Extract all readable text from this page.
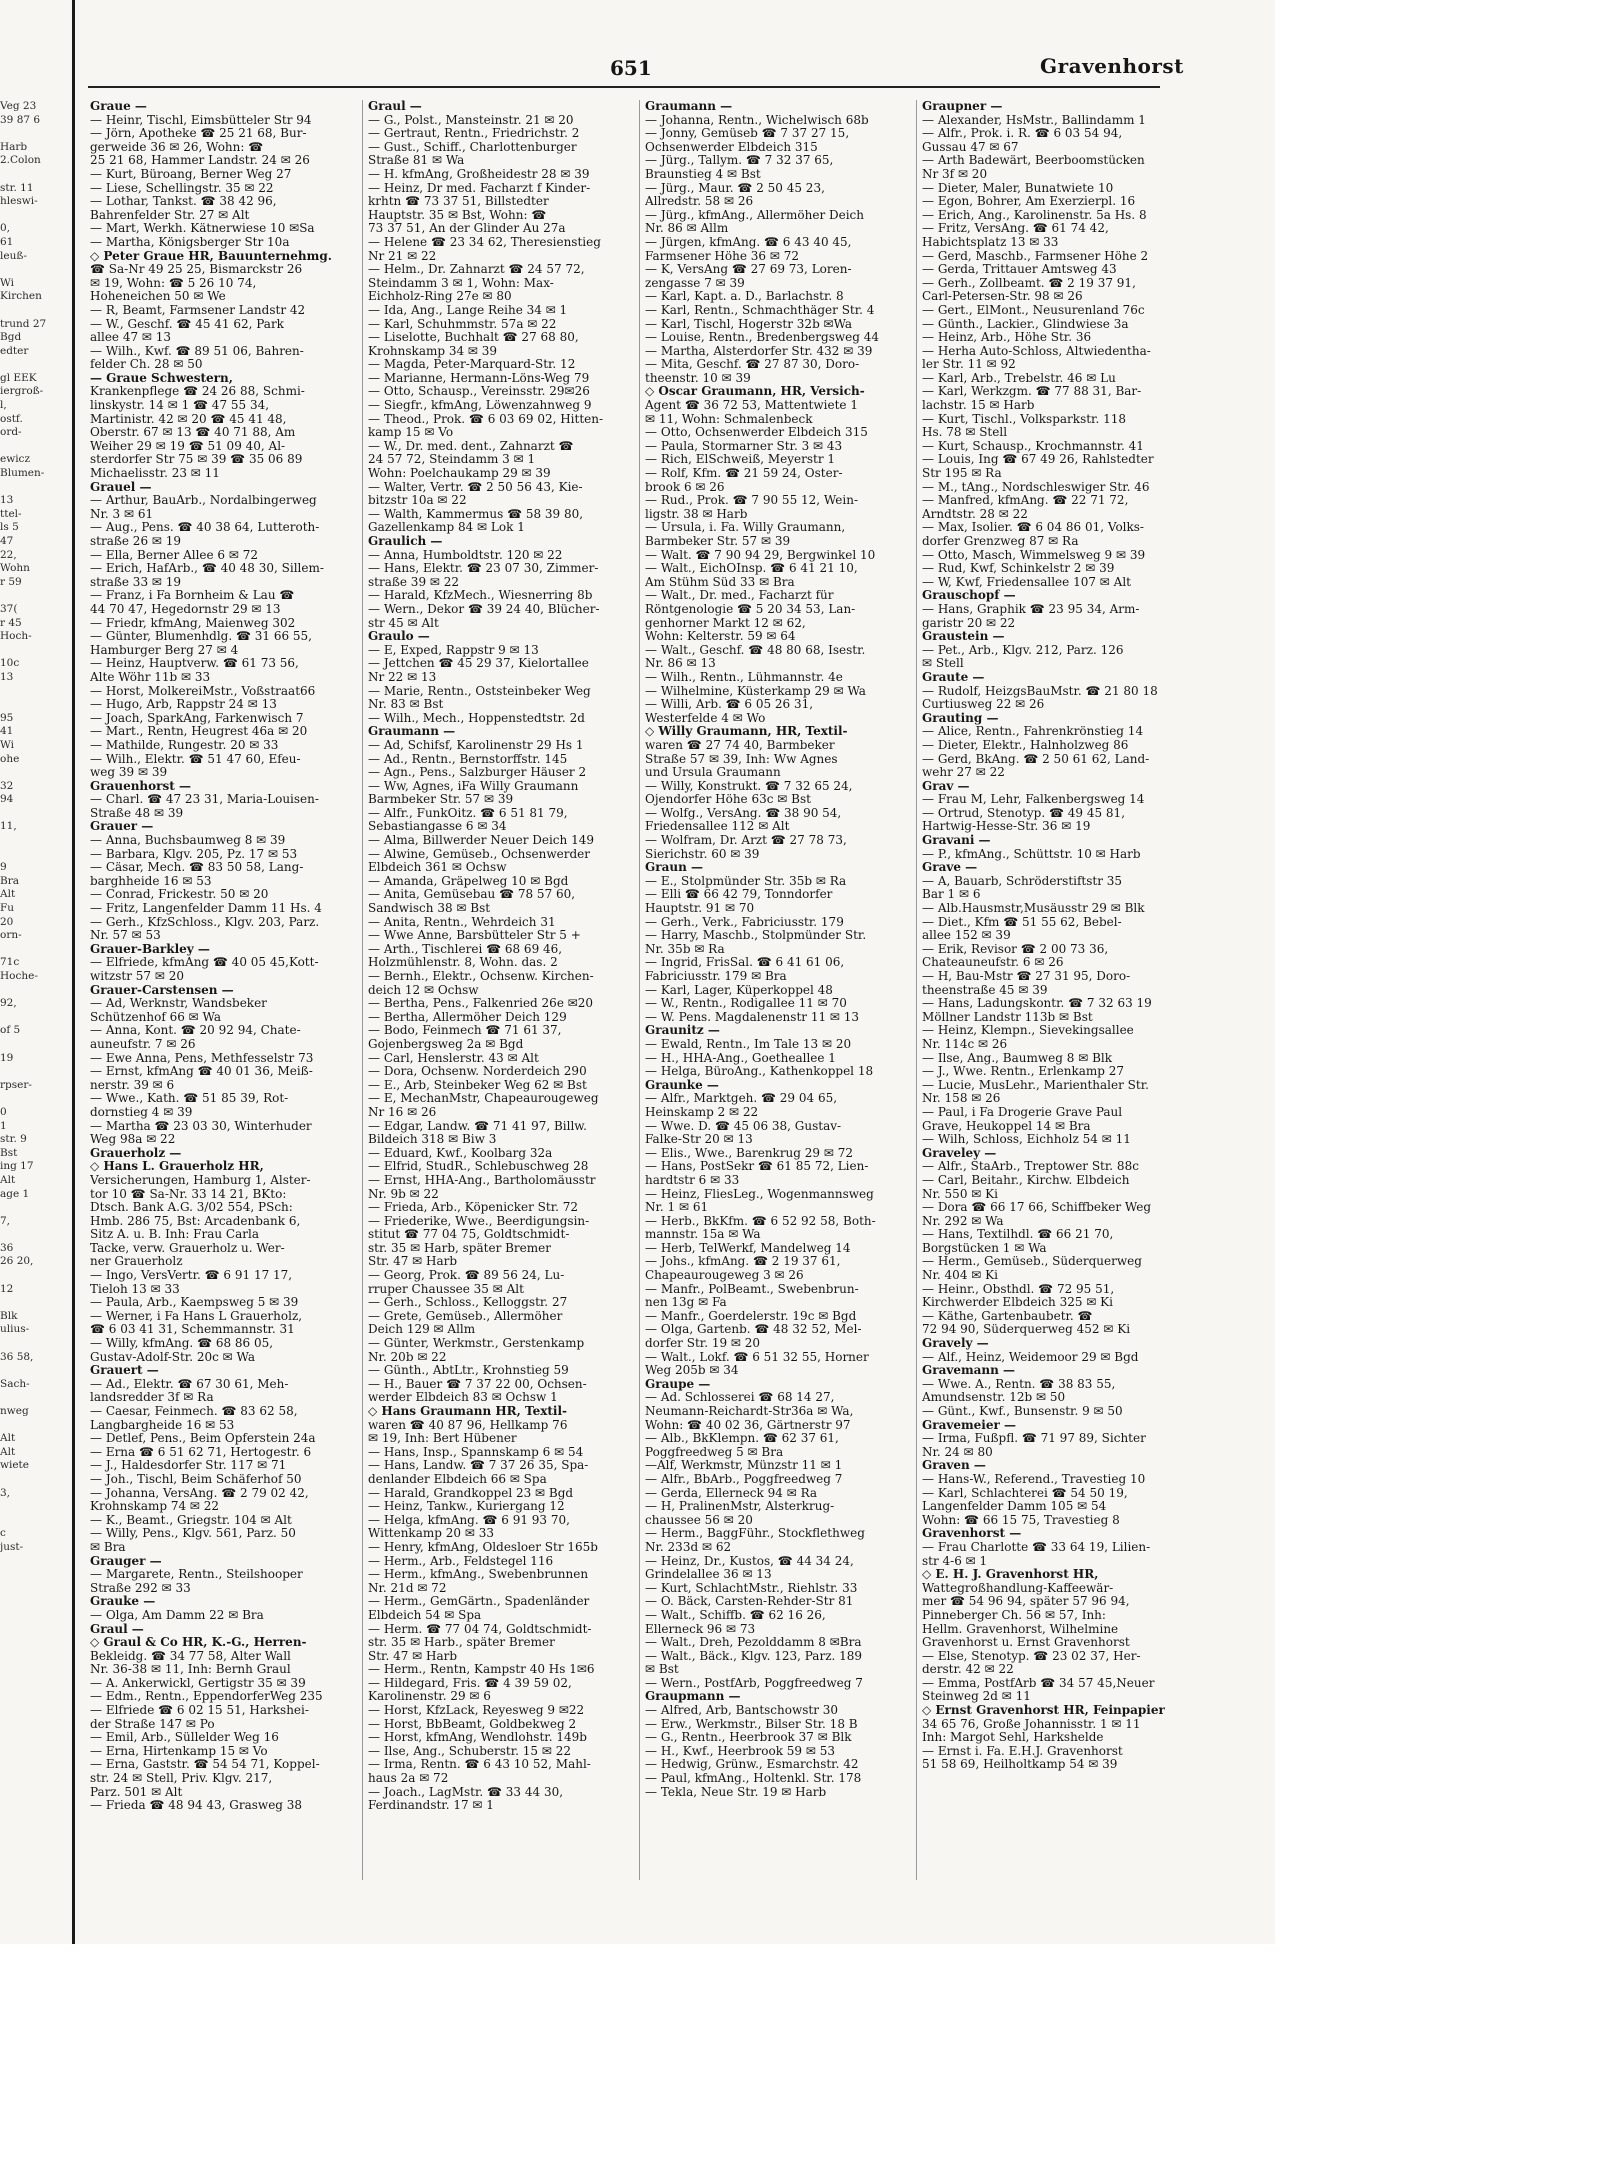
Veg 23
39 87 6
Harb
2.Colon
str. 11
hleswi-
0,
61
leuß-
Wi
Kirchen
trund 27
Bgd
edter
gl EEK
iergroß-
l,
ostf.
ord-
ewicz
Blumen-
13
ttel-
ls 5
47
22,
Wohn
r 59
37(
r 45
Hoch-
10c
13
95
41
Wi
ohe
32
94
11,
9
Bra
Alt
Fu
20
orn-
71c
Hoche-
92,
of 5
19
rpser-
0
1
str. 9
Bst
ing 17
Alt
age 1
7,
36
26 20,
12
Blk
ulius-
36 58,
Sach-
nweg
Alt
Alt
wiete
3,
c
just-
651	Gravenhorst
Graue —
— Heinr, Tischl, Eimsbütteler Str 94
— Jörn, Apotheke ☎ 25 21 68, Bur-
gerweide 36 ✉ 26, Wohn: ☎
25 21 68, Hammer Landstr. 24 ✉ 26
— Kurt, Büroang, Berner Weg 27
— Liese, Schellingstr. 35 ✉ 22
— Lothar, Tankst. ☎ 38 42 96,
Bahrenfelder Str. 27 ✉ Alt
— Mart, Werkh. Kätnerwiese 10 ✉Sa
— Martha, Königsberger Str 10a
◇ Peter Graue HR, Bauunternehmg.
☎ Sa-Nr 49 25 25, Bismarckstr 26
✉ 19, Wohn: ☎ 5 26 10 74,
Hoheneichen 50 ✉ We
— R, Beamt, Farmsener Landstr 42
— W., Geschf. ☎ 45 41 62, Park
allee 47 ✉ 13
— Wilh., Kwf. ☎ 89 51 06, Bahren-
felder Ch. 28 ✉ 50
— Graue Schwestern,
Krankenpflege ☎ 24 26 88, Schmi-
linskystr. 14 ✉ 1 ☎ 47 55 34,
Martinistr. 42 ✉ 20 ☎ 45 41 48,
Oberstr. 67 ✉ 13 ☎ 40 71 88, Am
Weiher 29 ✉ 19 ☎ 51 09 40, Al-
sterdorfer Str 75 ✉ 39 ☎ 35 06 89
Michaelisstr. 23 ✉ 11
Grauel —
— Arthur, BauArb., Nordalbingerweg
Nr. 3 ✉ 61
— Aug., Pens. ☎ 40 38 64, Lutteroth-
straße 26 ✉ 19
— Ella, Berner Allee 6 ✉ 72
— Erich, HafArb., ☎ 40 48 30, Sillem-
straße 33 ✉ 19
— Franz, i Fa Bornheim & Lau ☎
44 70 47, Hegedornstr 29 ✉ 13
— Friedr, kfmAng, Maienweg 302
— Günter, Blumenhdlg. ☎ 31 66 55,
Hamburger Berg 27 ✉ 4
— Heinz, Hauptverw. ☎ 61 73 56,
Alte Wöhr 11b ✉ 33
— Horst, MolkereiMstr., Voßstraat66
— Hugo, Arb, Rappstr 24 ✉ 13
— Joach, SparkAng, Farkenwisch 7
— Mart., Rentn, Heugrest 46a ✉ 20
— Mathilde, Rungestr. 20 ✉ 33
— Wilh., Elektr. ☎ 51 47 60, Efeu-
weg 39 ✉ 39
Grauenhorst —
— Charl. ☎ 47 23 31, Maria-Louisen-
Straße 48 ✉ 39
Grauer —
— Anna, Buchsbaumweg 8 ✉ 39
— Barbara, Klgv. 205, Pz. 17 ✉ 53
— Cäsar, Mech. ☎ 83 50 58, Lang-
barghheide 16 ✉ 53
— Conrad, Frickestr. 50 ✉ 20
— Fritz, Langenfelder Damm 11 Hs. 4
— Gerh., KfzSchloss., Klgv. 203, Parz.
Nr. 57 ✉ 53
Grauer-Barkley —
— Elfriede, kfmAng ☎ 40 05 45,Kott-
witzstr 57 ✉ 20
Grauer-Carstensen —
— Ad, Werknstr, Wandsbeker
Schützenhof 66 ✉ Wa
— Anna, Kont. ☎ 20 92 94, Chate-
auneufstr. 7 ✉ 26
— Ewe Anna, Pens, Methfesselstr 73
— Ernst, kfmAng ☎ 40 01 36, Meiß-
nerstr. 39 ✉ 6
— Wwe., Kath. ☎ 51 85 39, Rot-
dornstieg 4 ✉ 39
— Martha ☎ 23 03 30, Winterhuder
Weg 98a ✉ 22
Grauerholz —
◇ Hans L. Grauerholz HR,
Versicherungen, Hamburg 1, Alster-
tor 10 ☎ Sa-Nr. 33 14 21, BKto:
Dtsch. Bank A.G. 3/02 554, PSch:
Hmb. 286 75, Bst: Arcadenbank 6,
Sitz A. u. B. Inh: Frau Carla
Tacke, verw. Grauerholz u. Wer-
ner Grauerholz
— Ingo, VersVertr. ☎ 6 91 17 17,
Tieloh 13 ✉ 33
— Paula, Arb., Kaempsweg 5 ✉ 39
— Werner, i Fa Hans L Grauerholz,
☎ 6 03 41 31, Schemmannstr. 31
— Willy, kfmAng. ☎ 68 86 05,
Gustav-Adolf-Str. 20c ✉ Wa
Grauert —
— Ad., Elektr. ☎ 67 30 61, Meh-
landsredder 3f ✉ Ra
— Caesar, Feinmech. ☎ 83 62 58,
Langbargheide 16 ✉ 53
— Detlef, Pens., Beim Opferstein 24a
— Erna ☎ 6 51 62 71, Hertogestr. 6
— J., Haldesdorfer Str. 117 ✉ 71
— Joh., Tischl, Beim Schäferhof 50
— Johanna, VersAng. ☎ 2 79 02 42,
Krohnskamp 74 ✉ 22
— K., Beamt., Griegstr. 104 ✉ Alt
— Willy, Pens., Klgv. 561, Parz. 50
✉ Bra
Grauger —
— Margarete, Rentn., Steilshooper
Straße 292 ✉ 33
Grauke —
— Olga, Am Damm 22 ✉ Bra
Graul —
◇ Graul & Co HR, K.-G., Herren-
Bekleidg. ☎ 34 77 58, Alter Wall
Nr. 36-38 ✉ 11, Inh: Bernh Graul
— A. Ankerwickl, Gertigstr 35 ✉ 39
— Edm., Rentn., EppendorferWeg 235
— Elfriede ☎ 6 02 15 51, Harkshei-
der Straße 147 ✉ Po
— Emil, Arb., Süllelder Weg 16
— Erna, Hirtenkamp 15 ✉ Vo
— Erna, Gaststr. ☎ 54 54 71, Koppel-
str. 24 ✉ Stell, Priv. Klgv. 217,
Parz. 501 ✉ Alt
— Frieda ☎ 48 94 43, Grasweg 38
Graul —
— G., Polst., Mansteinstr. 21 ✉ 20
— Gertraut, Rentn., Friedrichstr. 2
— Gust., Schiff., Charlottenburger
Straße 81 ✉ Wa
— H. kfmAng, Großheidestr 28 ✉ 39
— Heinz, Dr med. Facharzt f Kinder-
krhtn ☎ 73 37 51, Billstedter
Hauptstr. 35 ✉ Bst, Wohn: ☎
73 37 51, An der Glinder Au 27a
— Helene ☎ 23 34 62, Theresienstieg
Nr 21 ✉ 22
— Helm., Dr. Zahnarzt ☎ 24 57 72,
Steindamm 3 ✉ 1, Wohn: Max-
Eichholz-Ring 27e ✉ 80
— Ida, Ang., Lange Reihe 34 ✉ 1
— Karl, Schuhmmstr. 57a ✉ 22
— Liselotte, Buchhalt ☎ 27 68 80,
Krohnskamp 34 ✉ 39
— Magda, Peter-Marquard-Str. 12
— Marianne, Hermann-Löns-Weg 79
— Otto, Schausp., Vereinsstr. 29✉26
— Siegfr., kfmAng, Löwenzahnweg 9
— Theod., Prok. ☎ 6 03 69 02, Hitten-
kamp 15 ✉ Vo
— W., Dr. med. dent., Zahnarzt ☎
24 57 72, Steindamm 3 ✉ 1
Wohn: Poelchaukamp 29 ✉ 39
— Walter, Vertr. ☎ 2 50 56 43, Kie-
bitzstr 10a ✉ 22
— Walth, Kammermus ☎ 58 39 80,
Gazellenkamp 84 ✉ Lok 1
Graulich —
— Anna, Humboldtstr. 120 ✉ 22
— Hans, Elektr. ☎ 23 07 30, Zimmer-
straße 39 ✉ 22
— Harald, KfzMech., Wiesnerring 8b
— Wern., Dekor ☎ 39 24 40, Blücher-
str 45 ✉ Alt
Graulo —
— E, Exped, Rappstr 9 ✉ 13
— Jettchen ☎ 45 29 37, Kielortallee
Nr 22 ✉ 13
— Marie, Rentn., Oststeinbeker Weg
Nr. 83 ✉ Bst
— Wilh., Mech., Hoppenstedtstr. 2d
Graumann —
— Ad, Schifsf, Karolinenstr 29 Hs 1
— Ad., Rentn., Bernstorffstr. 145
— Agn., Pens., Salzburger Häuser 2
— Ww, Agnes, iFa Willy Graumann
Barmbeker Str. 57 ✉ 39
— Alfr., FunkOitz. ☎ 6 51 81 79,
Sebastiangasse 6 ✉ 34
— Alma, Billwerder Neuer Deich 149
— Alwine, Gemüseb., Ochsenwerder
Elbdeich 361 ✉ Ochsw
— Amanda, Gräpelweg 10 ✉ Bgd
— Anita, Gemüsebau ☎ 78 57 60,
Sandwisch 38 ✉ Bst
— Anita, Rentn., Wehrdeich 31
— Wwe Anne, Barsbütteler Str 5 +
— Arth., Tischlerei ☎ 68 69 46,
Holzmühlenstr. 8, Wohn. das. 2
— Bernh., Elektr., Ochsenw. Kirchen-
deich 12 ✉ Ochsw
— Bertha, Pens., Falkenried 26e ✉20
— Bertha, Allermöher Deich 129
— Bodo, Feinmech ☎ 71 61 37,
Gojenbergsweg 2a ✉ Bgd
— Carl, Henslerstr. 43 ✉ Alt
— Dora, Ochsenw. Norderdeich 290
— E., Arb, Steinbeker Weg 62 ✉ Bst
— E, MechanMstr, Chapeaurougeweg
Nr 16 ✉ 26
— Edgar, Landw. ☎ 71 41 97, Billw.
Bildeich 318 ✉ Biw 3
— Eduard, Kwf., Koolbarg 32a
— Elfrid, StudR., Schlebuschweg 28
— Ernst, HHA-Ang., Bartholomäusstr
Nr. 9b ✉ 22
— Frieda, Arb., Köpenicker Str. 72
— Friederike, Wwe., Beerdigungsin-
stitut ☎ 77 04 75, Goldtschmidt-
str. 35 ✉ Harb, später Bremer
Str. 47 ✉ Harb
— Georg, Prok. ☎ 89 56 24, Lu-
rruper Chaussee 35 ✉ Alt
— Gerh., Schloss., Kelloggstr. 27
— Grete, Gemüseb., Allermöher
Deich 129 ✉ Allm
— Günter, Werkmstr., Gerstenkamp
Nr. 20b ✉ 22
— Günth., AbtLtr., Krohnstieg 59
— H., Bauer ☎ 7 37 22 00, Ochsen-
werder Elbdeich 83 ✉ Ochsw 1
◇ Hans Graumann HR, Textil-
waren ☎ 40 87 96, Hellkamp 76
✉ 19, Inh: Bert Hübener
— Hans, Insp., Spannskamp 6 ✉ 54
— Hans, Landw. ☎ 7 37 26 35, Spa-
denlander Elbdeich 66 ✉ Spa
— Harald, Grandkoppel 23 ✉ Bgd
— Heinz, Tankw., Kuriergang 12
— Helga, kfmAng. ☎ 6 91 93 70,
Wittenkamp 20 ✉ 33
— Henry, kfmAng, Oldesloer Str 165b
— Herm., Arb., Feldstegel 116
— Herm., kfmAng., Swebenbrunnen
Nr. 21d ✉ 72
— Herm., GemGärtn., Spadenländer
Elbdeich 54 ✉ Spa
— Herm. ☎ 77 04 74, Goldtschmidt-
str. 35 ✉ Harb., später Bremer
Str. 47 ✉ Harb
— Herm., Rentn, Kampstr 40 Hs 1✉6
— Hildegard, Fris. ☎ 4 39 59 02,
Karolinenstr. 29 ✉ 6
— Horst, KfzLack, Reyesweg 9 ✉22
— Horst, BbBeamt, Goldbekweg 2
— Horst, kfmAng, Wendlohstr. 149b
— Ilse, Ang., Schuberstr. 15 ✉ 22
— Irma, Rentn. ☎ 6 43 10 52, Mahl-
haus 2a ✉ 72
— Joach., LagMstr. ☎ 33 44 30,
Ferdinandstr. 17 ✉ 1
Graumann —
— Johanna, Rentn., Wichelwisch 68b
— Jonny, Gemüseb ☎ 7 37 27 15,
Ochsenwerder Elbdeich 315
— Jürg., Tallym. ☎ 7 32 37 65,
Braunstieg 4 ✉ Bst
— Jürg., Maur. ☎ 2 50 45 23,
Allredstr. 58 ✉ 26
— Jürg., kfmAng., Allermöher Deich
Nr. 86 ✉ Allm
— Jürgen, kfmAng. ☎ 6 43 40 45,
Farmsener Höhe 36 ✉ 72
— K, VersAng ☎ 27 69 73, Loren-
zengasse 7 ✉ 39
— Karl, Kapt. a. D., Barlachstr. 8
— Karl, Rentn., Schmachthäger Str. 4
— Karl, Tischl, Hogerstr 32b ✉Wa
— Louise, Rentn., Bredenbergsweg 44
— Martha, Alsterdorfer Str. 432 ✉ 39
— Mita, Geschf. ☎ 27 87 30, Doro-
theenstr. 10 ✉ 39
◇ Oscar Graumann, HR, Versich-
Agent ☎ 36 72 53, Mattentwiete 1
✉ 11, Wohn: Schmalenbeck
— Otto, Ochsenwerder Elbdeich 315
— Paula, Stormarner Str. 3 ✉ 43
— Rich, ElSchweiß, Meyerstr 1
— Rolf, Kfm. ☎ 21 59 24, Oster-
brook 6 ✉ 26
— Rud., Prok. ☎ 7 90 55 12, Wein-
ligstr. 38 ✉ Harb
— Ursula, i. Fa. Willy Graumann,
Barmbeker Str. 57 ✉ 39
— Walt. ☎ 7 90 94 29, Bergwinkel 10
— Walt., EichOInsp. ☎ 6 41 21 10,
Am Stühm Süd 33 ✉ Bra
— Walt., Dr. med., Facharzt für
Röntgenologie ☎ 5 20 34 53, Lan-
genhorner Markt 12 ✉ 62,
Wohn: Kelterstr. 59 ✉ 64
— Walt., Geschf. ☎ 48 80 68, Isestr.
Nr. 86 ✉ 13
— Wilh., Rentn., Lühmannstr. 4e
— Wilhelmine, Küsterkamp 29 ✉ Wa
— Willi, Arb. ☎ 6 05 26 31,
Westerfelde 4 ✉ Wo
◇ Willy Graumann, HR, Textil-
waren ☎ 27 74 40, Barmbeker
Straße 57 ✉ 39, Inh: Ww Agnes
und Ursula Graumann
— Willy, Konstrukt. ☎ 7 32 65 24,
Ojendorfer Höhe 63c ✉ Bst
— Wolfg., VersAng. ☎ 38 90 54,
Friedensallee 112 ✉ Alt
— Wolfram, Dr. Arzt ☎ 27 78 73,
Sierichstr. 60 ✉ 39
Graun —
— E., Stolpmünder Str. 35b ✉ Ra
— Elli ☎ 66 42 79, Tonndorfer
Hauptstr. 91 ✉ 70
— Gerh., Verk., Fabriciusstr. 179
— Harry, Maschb., Stolpmünder Str.
Nr. 35b ✉ Ra
— Ingrid, FrisSal. ☎ 6 41 61 06,
Fabriciusstr. 179 ✉ Bra
— Karl, Lager, Küperkoppel 48
— W., Rentn., Rodigallee 11 ✉ 70
— W. Pens. Magdalenenstr 11 ✉ 13
Graunitz —
— Ewald, Rentn., Im Tale 13 ✉ 20
— H., HHA-Ang., Goetheallee 1
— Helga, BüroAng., Kathenkoppel 18
Graunke —
— Alfr., Marktgeh. ☎ 29 04 65,
Heinskamp 2 ✉ 22
— Wwe. D. ☎ 45 06 38, Gustav-
Falke-Str 20 ✉ 13
— Elis., Wwe., Barenkrug 29 ✉ 72
— Hans, PostSekr ☎ 61 85 72, Lien-
hardtstr 6 ✉ 33
— Heinz, FliesLeg., Wogenmannsweg
Nr. 1 ✉ 61
— Herb., BkKfm. ☎ 6 52 92 58, Both-
mannstr. 15a ✉ Wa
— Herb, TelWerkf, Mandelweg 14
— Johs., kfmAng. ☎ 2 19 37 61,
Chapeaurougeweg 3 ✉ 26
— Manfr., PolBeamt., Swebenbrun-
nen 13g ✉ Fa
— Manfr., Goerdelerstr. 19c ✉ Bgd
— Olga, Gartenb. ☎ 48 32 52, Mel-
dorfer Str. 19 ✉ 20
— Walt., Lokf. ☎ 6 51 32 55, Horner
Weg 205b ✉ 34
Graupe —
— Ad. Schlosserei ☎ 68 14 27,
Neumann-Reichardt-Str36a ✉ Wa,
Wohn: ☎ 40 02 36, Gärtnerstr 97
— Alb., BkKlempn. ☎ 62 37 61,
Poggfreedweg 5 ✉ Bra
—Alf, Werkmstr, Münzstr 11 ✉ 1
— Alfr., BbArb., Poggfreedweg 7
— Gerda, Ellerneck 94 ✉ Ra
— H, PralinenMstr, Alsterkrug-
chaussee 56 ✉ 20
— Herm., BaggFühr., Stockflethweg
Nr. 233d ✉ 62
— Heinz, Dr., Kustos, ☎ 44 34 24,
Grindelallee 36 ✉ 13
— Kurt, SchlachtMstr., Riehlstr. 33
— O. Bäck, Carsten-Rehder-Str 81
— Walt., Schiffb. ☎ 62 16 26,
Ellerneck 96 ✉ 73
— Walt., Dreh, Pezolddamm 8 ✉Bra
— Walt., Bäck., Klgv. 123, Parz. 189
✉ Bst
— Wern., PostfArb, Poggfreedweg 7
Graupmann —
— Alfred, Arb, Bantschowstr 30
— Erw., Werkmstr., Bilser Str. 18 B
— G., Rentn., Heerbrook 37 ✉ Blk
— H., Kwf., Heerbrook 59 ✉ 53
— Hedwig, Grünw., Esmarchstr. 42
— Paul, kfmAng., Holtenkl. Str. 178
— Tekla, Neue Str. 19 ✉ Harb
Graupner —
— Alexander, HsMstr., Ballindamm 1
— Alfr., Prok. i. R. ☎ 6 03 54 94,
Gussau 47 ✉ 67
— Arth Badewärt, Beerboomstücken
Nr 3f ✉ 20
— Dieter, Maler, Bunatwiete 10
— Egon, Bohrer, Am Exerzierpl. 16
— Erich, Ang., Karolinenstr. 5a Hs. 8
— Fritz, VersAng. ☎ 61 74 42,
Habichtsplatz 13 ✉ 33
— Gerd, Maschb., Farmsener Höhe 2
— Gerda, Trittauer Amtsweg 43
— Gerh., Zollbeamt. ☎ 2 19 37 91,
Carl-Petersen-Str. 98 ✉ 26
— Gert., ElMont., Neusurenland 76c
— Günth., Lackier., Glindwiese 3a
— Heinz, Arb., Höhe Str. 36
— Herha Auto-Schloss, Altwiedentha-
ler Str. 11 ✉ 92
— Karl, Arb., Trebelstr. 46 ✉ Lu
— Karl, Werkzgm. ☎ 77 88 31, Bar-
lachstr. 15 ✉ Harb
— Kurt, Tischl., Volksparkstr. 118
Hs. 78 ✉ Stell
— Kurt, Schausp., Krochmannstr. 41
— Louis, Ing ☎ 67 49 26, Rahlstedter
Str 195 ✉ Ra
— M., tAng., Nordschleswiger Str. 46
— Manfred, kfmAng. ☎ 22 71 72,
Arndtstr. 28 ✉ 22
— Max, Isolier. ☎ 6 04 86 01, Volks-
dorfer Grenzweg 87 ✉ Ra
— Otto, Masch, Wimmelsweg 9 ✉ 39
— Rud, Kwf, Schinkelstr 2 ✉ 39
— W, Kwf, Friedensallee 107 ✉ Alt
Grauschopf —
— Hans, Graphik ☎ 23 95 34, Arm-
garistr 20 ✉ 22
Graustein —
— Pet., Arb., Klgv. 212, Parz. 126
✉ Stell
Graute —
— Rudolf, HeizgsBauMstr. ☎ 21 80 18
Curtiusweg 22 ✉ 26
Grauting —
— Alice, Rentn., Fahrenkrönstieg 14
— Dieter, Elektr., Halnholzweg 86
— Gerd, BkAng. ☎ 2 50 61 62, Land-
wehr 27 ✉ 22
Grav —
— Frau M, Lehr, Falkenbergsweg 14
— Ortrud, Stenotyp. ☎ 49 45 81,
Hartwig-Hesse-Str. 36 ✉ 19
Gravani —
— P., kfmAng., Schüttstr. 10 ✉ Harb
Grave —
— A, Bauarb, Schröderstiftstr 35
Bar 1 ✉ 6
— Alb.Hausmstr,Musäusstr 29 ✉ Blk
— Diet., Kfm ☎ 51 55 62, Bebel-
allee 152 ✉ 39
— Erik, Revisor ☎ 2 00 73 36,
Chateauneufstr. 6 ✉ 26
— H, Bau-Mstr ☎ 27 31 95, Doro-
theenstraße 45 ✉ 39
— Hans, Ladungskontr. ☎ 7 32 63 19
Möllner Landstr 113b ✉ Bst
— Heinz, Klempn., Sievekingsallee
Nr. 114c ✉ 26
— Ilse, Ang., Baumweg 8 ✉ Blk
— J., Wwe. Rentn., Erlenkamp 27
— Lucie, MusLehr., Marienthaler Str.
Nr. 158 ✉ 26
— Paul, i Fa Drogerie Grave Paul
Grave, Heukoppel 14 ✉ Bra
— Wilh, Schloss, Eichholz 54 ✉ 11
Graveley —
— Alfr., StaArb., Treptower Str. 88c
— Carl, Beitahr., Kirchw. Elbdeich
Nr. 550 ✉ Ki
— Dora ☎ 66 17 66, Schiffbeker Weg
Nr. 292 ✉ Wa
— Hans, Textilhdl. ☎ 66 21 70,
Borgstücken 1 ✉ Wa
— Herm., Gemüseb., Süderquerweg
Nr. 404 ✉ Ki
— Heinr., Obsthdl. ☎ 72 95 51,
Kirchwerder Elbdeich 325 ✉ Ki
— Käthe, Gartenbaubetr. ☎
72 94 90, Süderquerweg 452 ✉ Ki
Gravely —
— Alf., Heinz, Weidemoor 29 ✉ Bgd
Gravemann —
— Wwe. A., Rentn. ☎ 38 83 55,
Amundsenstr. 12b ✉ 50
— Günt., Kwf., Bunsenstr. 9 ✉ 50
Gravemeier —
— Irma, Fußpfl. ☎ 71 97 89, Sichter
Nr. 24 ✉ 80
Graven —
— Hans-W., Referend., Travestieg 10
— Karl, Schlachterei ☎ 54 50 19,
Langenfelder Damm 105 ✉ 54
Wohn: ☎ 66 15 75, Travestieg 8
Gravenhorst —
— Frau Charlotte ☎ 33 64 19, Lilien-
str 4-6 ✉ 1
◇ E. H. J. Gravenhorst HR,
Wattegroßhandlung-Kaffeewär-
mer ☎ 54 96 94, später 57 96 94,
Pinneberger Ch. 56 ✉ 57, Inh:
Hellm. Gravenhorst, Wilhelmine
Gravenhorst u. Ernst Gravenhorst
— Else, Stenotyp. ☎ 23 02 37, Her-
derstr. 42 ✉ 22
— Emma, PostfArb ☎ 34 57 45,Neuer
Steinweg 2d ✉ 11
◇ Ernst Gravenhorst HR, Feinpapier
34 65 76, Große Johannisstr. 1 ✉ 11
Inh: Margot Sehl, Harkshelde
— Ernst i. Fa. E.H.J. Gravenhorst
51 58 69, Heilholtkamp 54 ✉ 39
